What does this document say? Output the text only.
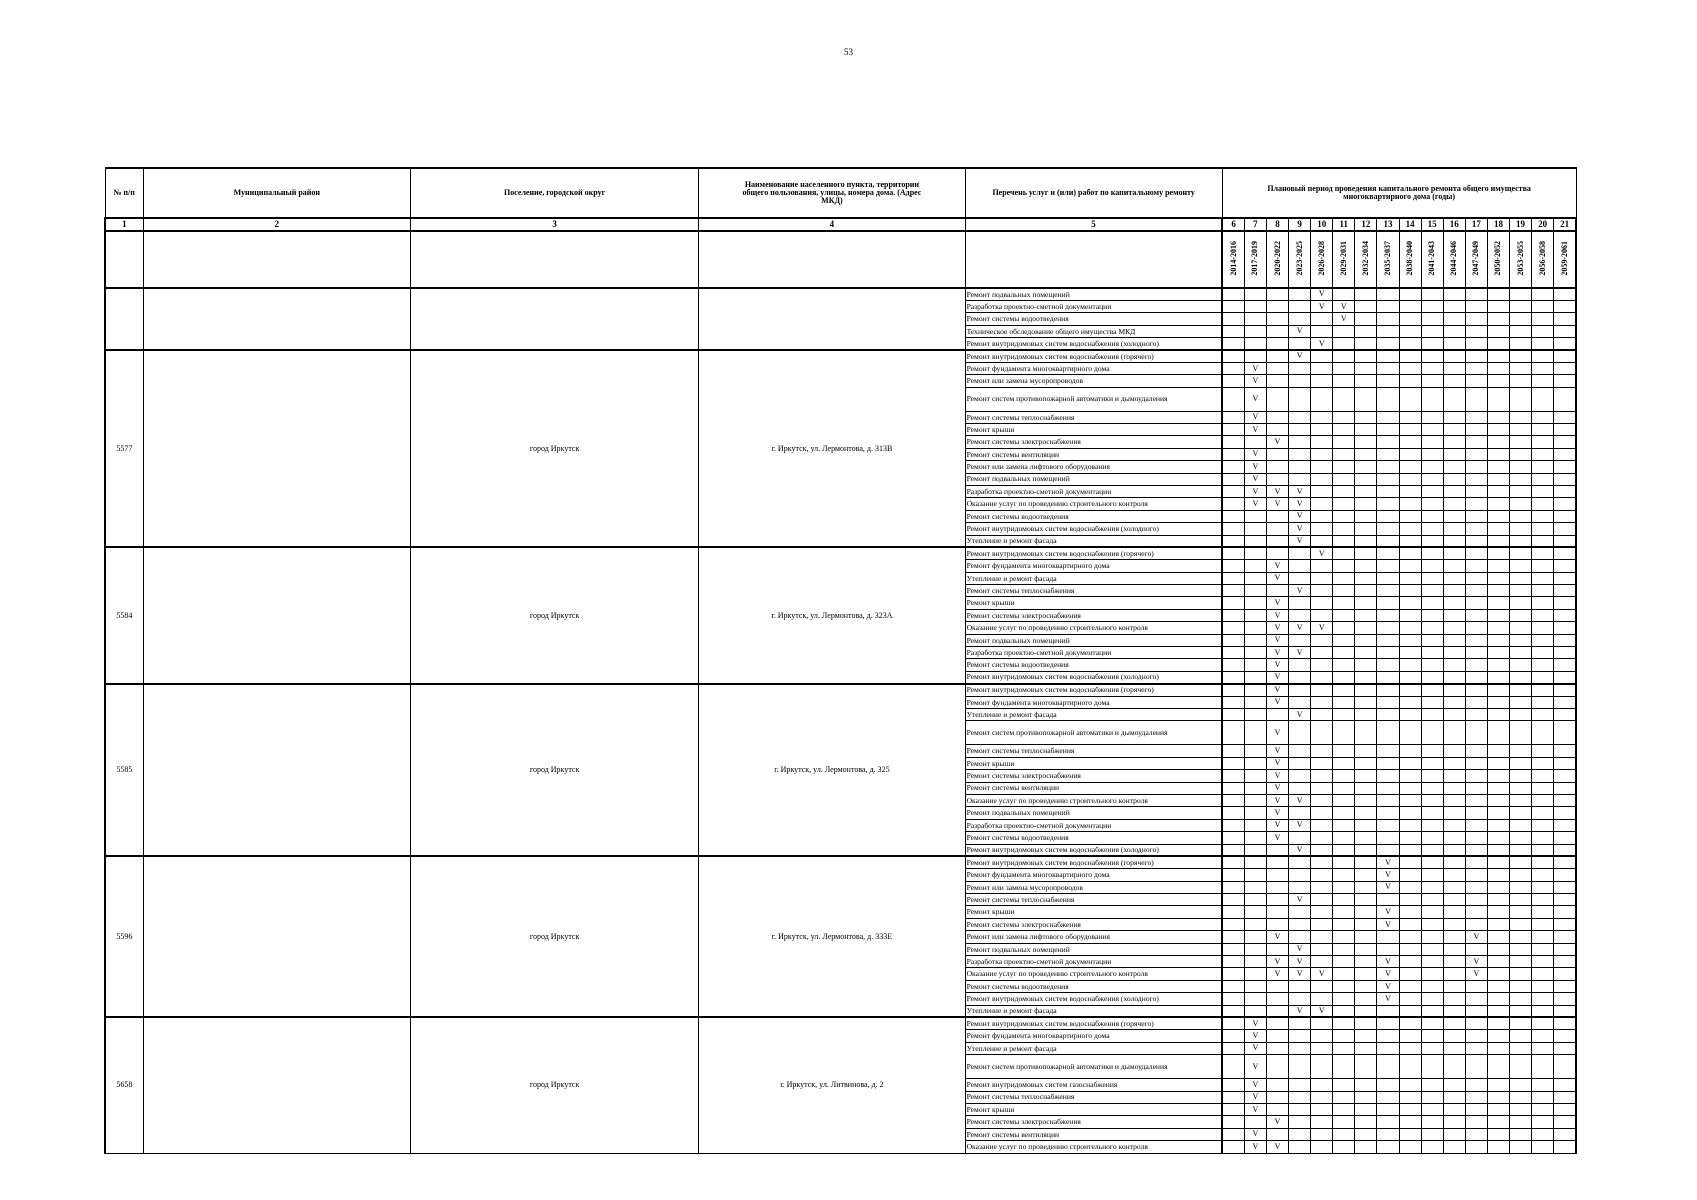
53
№ п/п	Муниципальный район	Поселение, городской округ	Наименование населенного пункта, территории общего пользования, улицы, номера дома. (Адрес МКД)	Перечень услуг и (или) работ по капитальному ремонту	Плановый период проведения капитального ремонта общего имущества многоквартирного дома (годы)															
1	2	3	4	5	6	7	8	9	10	11	12	13	14	15	16	17	18	19	20	21
					2014-2016	2017-2019	2020-2022	2023-2025	2026-2028	2029-2031	2032-2034	2035-2037	2038-2040	2041-2043	2044-2046	2047-2049	2050-2052	2053-2055	2056-2058	2059-2061
				Ремонт подвальных помещений					V											
				Разработка проектно-сметной документации					V	V										
				Ремонт системы водоотведения						V										
				Техническое обследование общего имущества МКД				V												
				Ремонт внутридомовых систем водоснабжения (холодного)					V											
5577		город Иркутск	г. Иркутск, ул. Лермонтова, д. 313В	Ремонт внутридомовых систем водоснабжения (горячего)				V												
				Ремонт фундамента многоквартирного дома		V														
				Ремонт или замена мусоропроводов		V														
				Ремонт систем противопожарной автоматики и дымоудаления		V														
				Ремонт системы теплоснабжения		V														
				Ремонт крыши		V														
				Ремонт системы электроснабжения			V													
				Ремонт системы вентиляции		V														
				Ремонт или замена лифтового оборудования		V														
				Ремонт подвальных помещений		V														
				Разработка проектно-сметной документации		V	V	V												
				Оказание услуг по проведению строительного контроля		V	V	V												
				Ремонт системы водоотведения				V												
				Ремонт внутридомовых систем водоснабжения (холодного)				V												
				Утепление и ремонт фасада				V												
5584		город Иркутск	г. Иркутск, ул. Лермонтова, д. 323А	Ремонт внутридомовых систем водоснабжения (горячего)					V											
				Ремонт фундамента многоквартирного дома			V													
				Утепление и ремонт фасада			V													
				Ремонт системы теплоснабжения				V												
				Ремонт крыши			V													
				Ремонт системы электроснабжения			V													
				Оказание услуг по проведению строительного контроля			V	V	V											
				Ремонт подвальных помещений			V													
				Разработка проектно-сметной документации			V	V												
				Ремонт системы водоотведения			V													
				Ремонт внутридомовых систем водоснабжения (холодного)			V													
5585		город Иркутск	г. Иркутск, ул. Лермонтова, д. 325	Ремонт внутридомовых систем водоснабжения (горячего)			V													
				Ремонт фундамента многоквартирного дома			V													
				Утепление и ремонт фасада				V												
				Ремонт систем противопожарной автоматики и дымоудаления			V													
				Ремонт системы теплоснабжения			V													
				Ремонт крыши			V													
				Ремонт системы электроснабжения			V													
				Ремонт системы вентиляции			V													
				Оказание услуг по проведению строительного контроля			V	V												
				Ремонт подвальных помещений			V													
				Разработка проектно-сметной документации			V	V												
				Ремонт системы водоотведения			V													
				Ремонт внутридомовых систем водоснабжения (холодного)				V												
5596		город Иркутск	г. Иркутск, ул. Лермонтова, д. 333Е	Ремонт внутридомовых систем водоснабжения (горячего)								V								
				Ремонт фундамента многоквартирного дома								V								
				Ремонт или замена мусоропроводов								V								
				Ремонт системы теплоснабжения				V												
				Ремонт крыши								V								
				Ремонт системы электроснабжения								V								
				Ремонт или замена лифтового оборудования			V									V				
				Ремонт подвальных помещений				V												
				Разработка проектно-сметной документации			V	V				V				V				
				Оказание услуг по проведению строительного контроля			V	V	V			V				V				
				Ремонт системы водоотведения								V								
				Ремонт внутридомовых систем водоснабжения (холодного)								V								
				Утепление и ремонт фасада				V	V											
5658		город Иркутск	г. Иркутск, ул. Литвинова, д. 2	Ремонт внутридомовых систем водоснабжения (горячего)		V														
				Ремонт фундамента многоквартирного дома		V														
				Утепление и ремонт фасада		V														
				Ремонт систем противопожарной автоматики и дымоудаления		V														
				Ремонт внутридомовых систем газоснабжения		V														
				Ремонт системы теплоснабжения		V														
				Ремонт крыши		V														
				Ремонт системы электроснабжения			V													
				Ремонт системы вентиляции		V														
				Оказание услуг по проведению строительного контроля		V	V													
